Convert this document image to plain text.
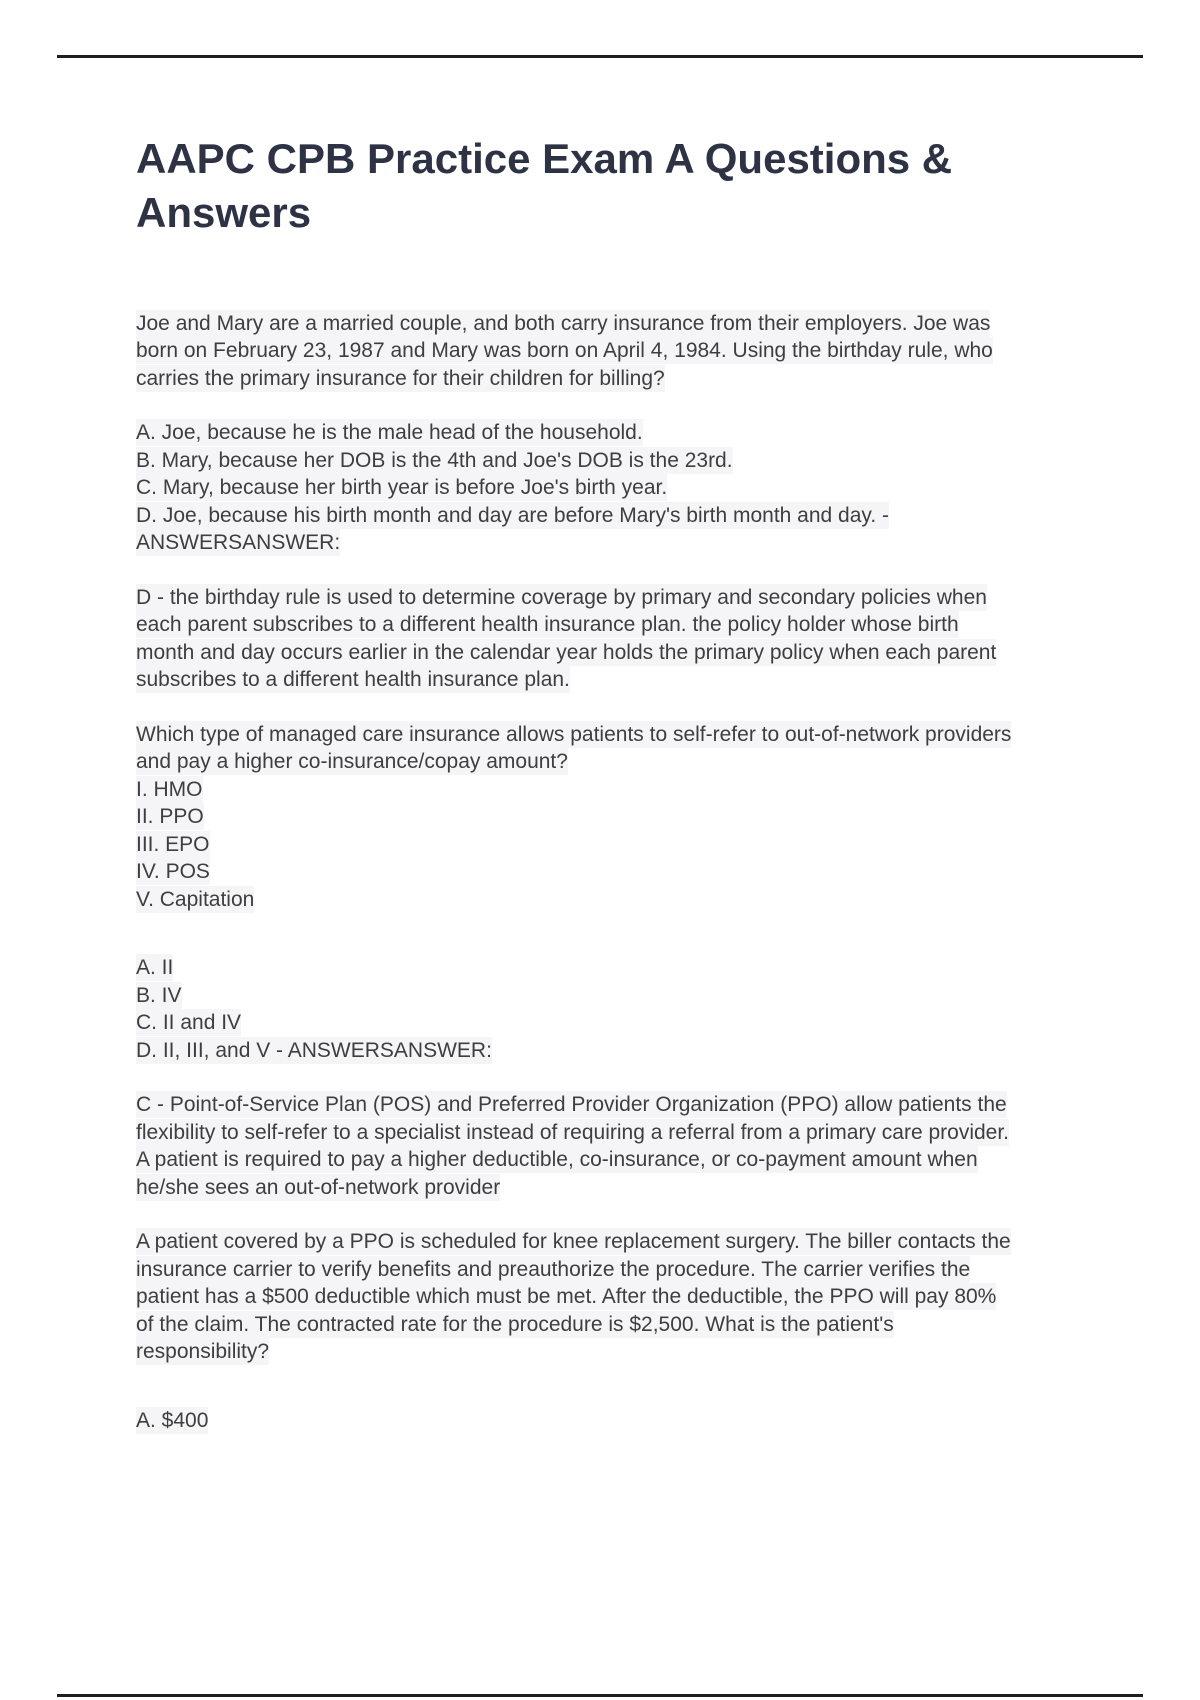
AAPC CPB Practice Exam A Questions & Answers

Joe and Mary are a married couple, and both carry insurance from their employers. Joe was born on February 23, 1987 and Mary was born on April 4, 1984. Using the birthday rule, who carries the primary insurance for their children for billing?

A. Joe, because he is the male head of the household.
B. Mary, because her DOB is the 4th and Joe's DOB is the 23rd.
C. Mary, because her birth year is before Joe's birth year.
D. Joe, because his birth month and day are before Mary's birth month and day. - ANSWERSANSWER:

D - the birthday rule is used to determine coverage by primary and secondary policies when each parent subscribes to a different health insurance plan. the policy holder whose birth month and day occurs earlier in the calendar year holds the primary policy when each parent subscribes to a different health insurance plan.

Which type of managed care insurance allows patients to self-refer to out-of-network providers and pay a higher co-insurance/copay amount?
I. HMO
II. PPO
III. EPO
IV. POS
V. Capitation

A. II
B. IV
C. II and IV
D. II, III, and V - ANSWERSANSWER:

C - Point-of-Service Plan (POS) and Preferred Provider Organization (PPO) allow patients the flexibility to self-refer to a specialist instead of requiring a referral from a primary care provider. A patient is required to pay a higher deductible, co-insurance, or co-payment amount when he/she sees an out-of-network provider

A patient covered by a PPO is scheduled for knee replacement surgery. The biller contacts the insurance carrier to verify benefits and preauthorize the procedure. The carrier verifies the patient has a $500 deductible which must be met. After the deductible, the PPO will pay 80% of the claim. The contracted rate for the procedure is $2,500. What is the patient's responsibility?

A. $400
